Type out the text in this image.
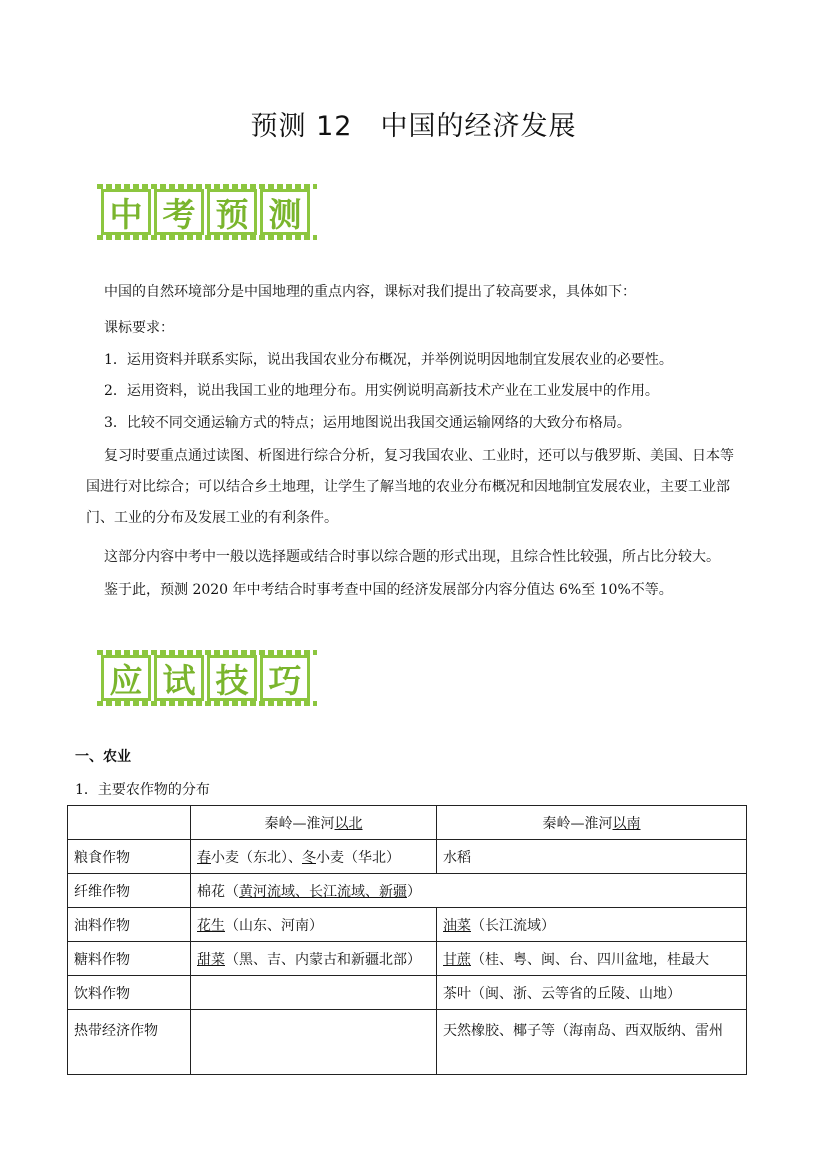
预测 12　中国的经济发展
中 考 预 测
中国的自然环境部分是中国地理的重点内容，课标对我们提出了较高要求，具体如下：
课标要求：
1．运用资料并联系实际，说出我国农业分布概况，并举例说明因地制宜发展农业的必要性。
2．运用资料，说出我国工业的地理分布。用实例说明高新技术产业在工业发展中的作用。
3．比较不同交通运输方式的特点；运用地图说出我国交通运输网络的大致分布格局。
复习时要重点通过读图、析图进行综合分析，复习我国农业、工业时，还可以与俄罗斯、美国、日本等国进行对比综合；可以结合乡土地理，让学生了解当地的农业分布概况和因地制宜发展农业，主要工业部门、工业的分布及发展工业的有利条件。
这部分内容中考中一般以选择题或结合时事以综合题的形式出现，且综合性比较强，所占比分较大。
鉴于此，预测 2020 年中考结合时事考查中国的经济发展部分内容分值达 6%至 10%不等。
应 试 技 巧
一、农业
1．主要农作物的分布
	秦岭—淮河以北	秦岭—淮河以南
粮食作物	春小麦（东北）、冬小麦（华北）	水稻
纤维作物	棉花（黄河流域、长江流域、新疆）	
油料作物	花生（山东、河南）	油菜（长江流域）
糖料作物	甜菜（黑、吉、内蒙古和新疆北部）	甘蔗（桂、粤、闽、台、四川盆地，桂最大
饮料作物		茶叶（闽、浙、云等省的丘陵、山地）
热带经济作物		天然橡胶、椰子等（海南岛、西双版纳、雷州
